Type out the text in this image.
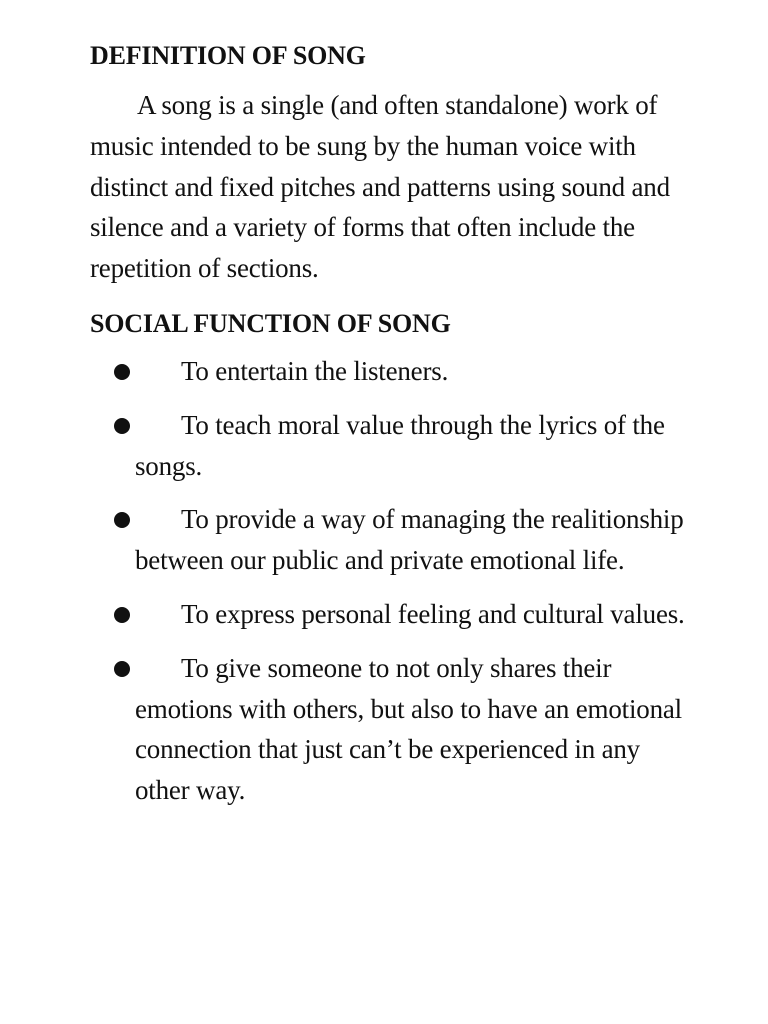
DEFINITION OF SONG

A song is a single (and often standalone) work of music intended to be sung by the human voice with distinct and fixed pitches and patterns using sound and silence and a variety of forms that often include the repetition of sections.

SOCIAL FUNCTION OF SONG
To entertain the listeners.
To teach moral value through the lyrics of the songs.
To provide a way of managing the realitionship between our public and private emotional life.
To express personal feeling and cultural values.
To give someone to not only shares their emotions with others, but also to have an emotional connection that just can’t be experienced in any other way.
